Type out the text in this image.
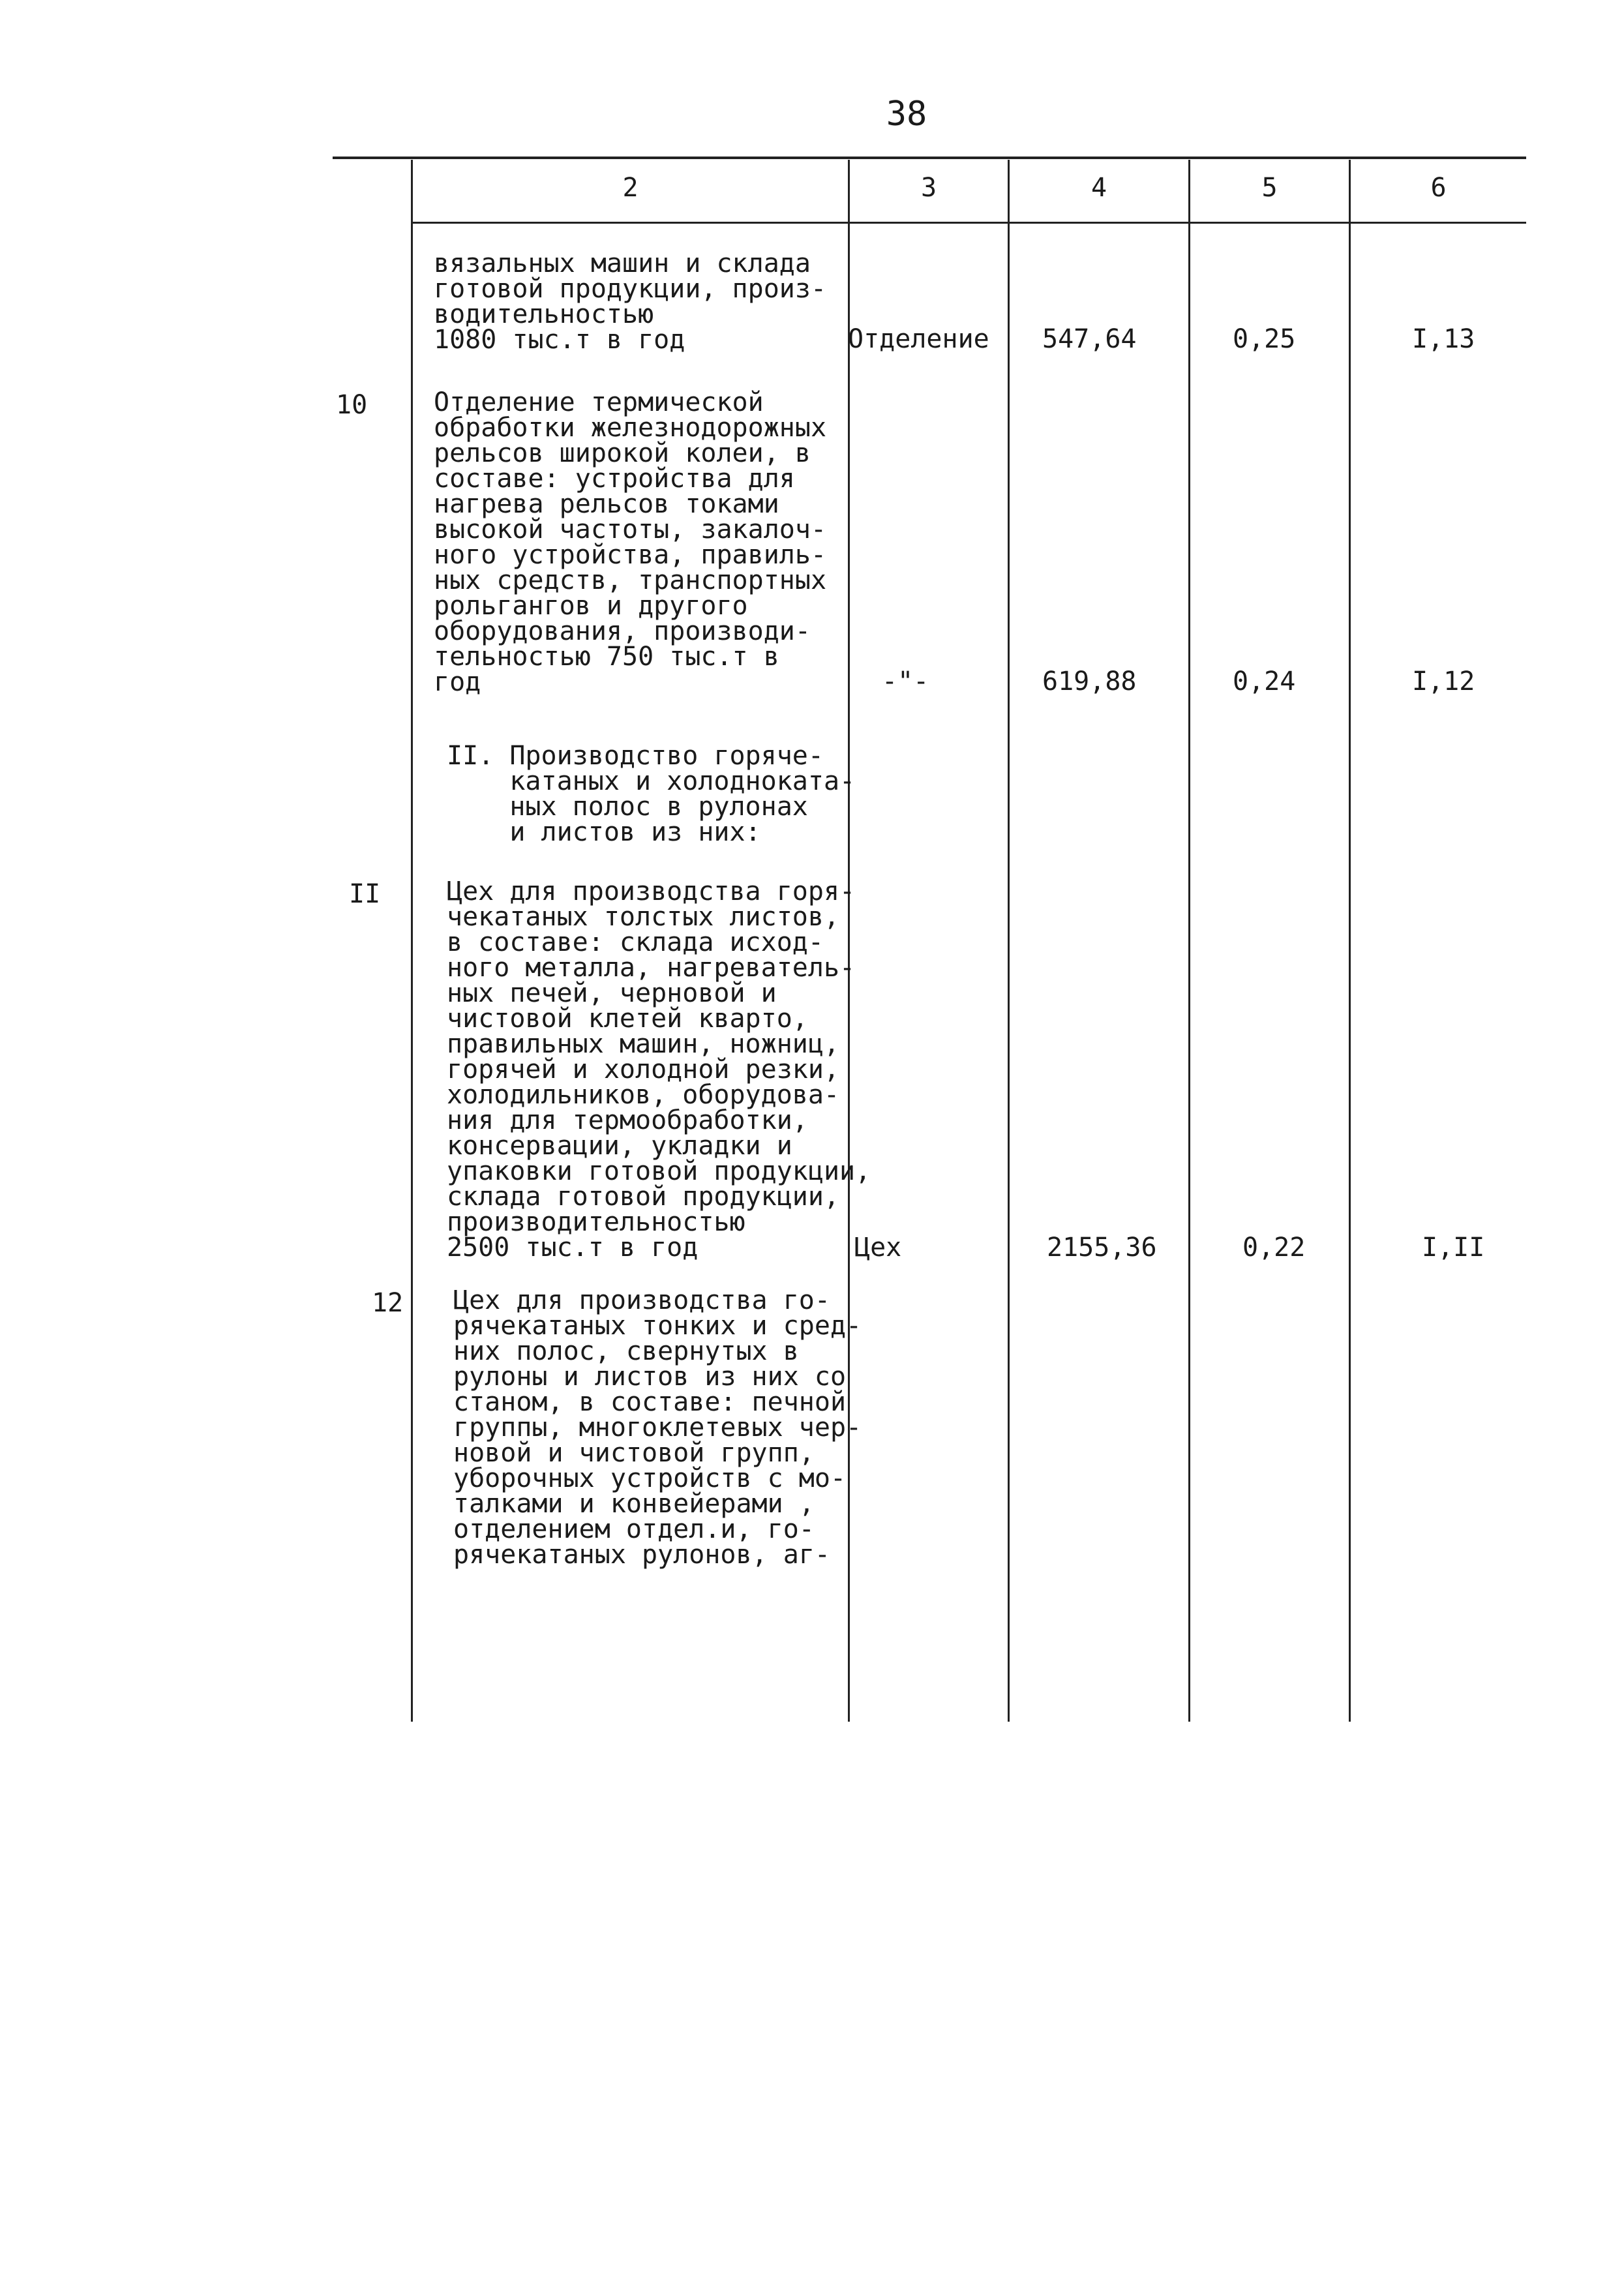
38
2	3	4	5	6
вязальных машин и склада
готовой продукции, произ-
водительностью
1080 тыс.т в год	Отделение 547,64	0,25	I,13
10	Отделение термической
обработки железнодорожных
рельсов широкой колеи, в
составе: устройства для
нагрева рельсов токами
высокой частоты, закалоч-
ного устройства, правиль-
ных средств, транспортных
рольгангов и другого
оборудования, производи-
тельностью 750 тыс.т в
год	-"-	619,88	0,24	I,12
II. Производство горяче-
катаных и холоднoката-
ных полос в рулонах
и листов из них:
II	Цех для производства горя-
чекатаных толстых листов,
в составе: склада исход-
ного металла, нагреватель-
ных печей, черновой и
чистовой клетей кварто,
правильных машин, ножниц,
горячей и холодной резки,
холодильников, оборудова-
ния для термообработки,
консервации, укладки и
упаковки готовой продукции,
склада готовой продукции,
производительностью
2500 тыс.т в год	Цех	2155,36	0,22	I,II
12 Цех для производства го-
рячекатаных тонких и сред-
них полос, свернутых в
рулоны и листов из них со
станом, в составе: печной
группы, многоклетевых чер-
новой и чистовой групп,
уборочных устройств с мо-
талками и конвейерами ,
отделением отдел.и, го-
рячекатаных рулонов, аг-
